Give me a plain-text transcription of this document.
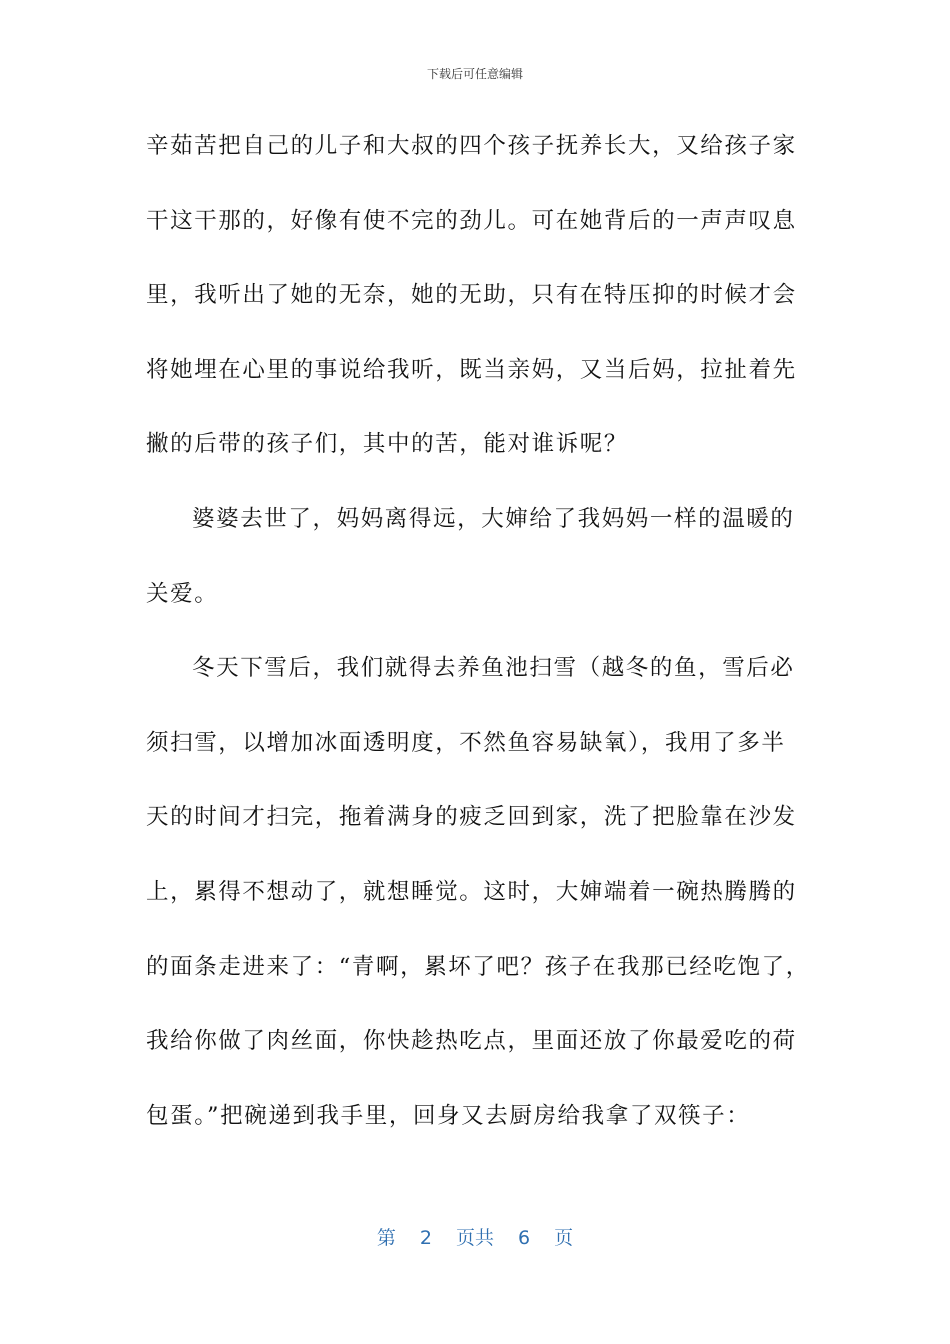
下载后可任意编辑
辛茹苦把自己的儿子和大叔的四个孩子抚养长大，又给孩子家
干这干那的，好像有使不完的劲儿。可在她背后的一声声叹息
里，我听出了她的无奈，她的无助，只有在特压抑的时候才会
将她埋在心里的事说给我听，既当亲妈，又当后妈，拉扯着先
撇的后带的孩子们，其中的苦，能对谁诉呢？
婆婆去世了，妈妈离得远，大婶给了我妈妈一样的温暖的
关爱。
冬天下雪后，我们就得去养鱼池扫雪（越冬的鱼，雪后必
须扫雪，以增加冰面透明度，不然鱼容易缺氧），我用了多半
天的时间才扫完，拖着满身的疲乏回到家，洗了把脸靠在沙发
上，累得不想动了，就想睡觉。这时，大婶端着一碗热腾腾的
的面条走进来了：“青啊，累坏了吧？孩子在我那已经吃饱了，
我给你做了肉丝面，你快趁热吃点，里面还放了你最爱吃的荷
包蛋。”把碗递到我手里，回身又去厨房给我拿了双筷子：
第 2 页共 6 页
